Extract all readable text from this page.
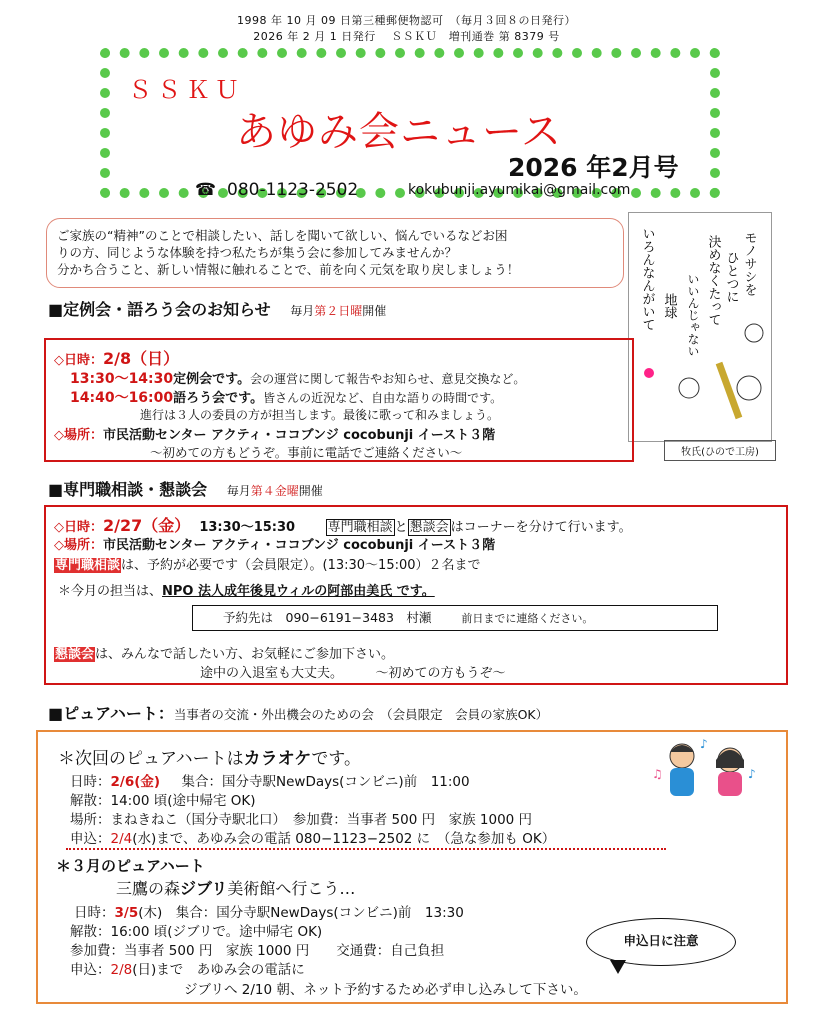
1998 年 10 月 09 日第三種郵便物認可　（毎月３回８の日発行）
2026 年 2 月 1 日発行　 ＳＳＫＵ　増刊通巻 第 8379 号
ＳＳＫＵ
あゆみ会ニュース
2026 年2月号
☎ 080-1123-2502	kokubunji.ayumikai@gmail.com
ご家族の“精神”のことで相談したい、話しを聞いて欲しい、悩んでいるなどお困
りの方、同じような体験を持つ私たちが集う会に参加してみませんか？
分かち合うこと、新しい情報に触れることで、前を向く元気を取り戻しましょう！	モノサシを
ひとつに
決めなくたって
いいんじゃない
いろんなんがいて 地球
牧氏(ひので工房)
■定例会・語ろう会のお知らせ 毎月第２日曜開催
◇日時：2/8（日）
13:30〜14:30定例会です。会の運営に関して報告やお知らせ、意見交換など。
14:40〜16:00語ろう会です。皆さんの近況など、自由な語りの時間です。
進行は３人の委員の方が担当します。最後に歌って和みましょう。
◇場所：市民活動センター アクティ・ココブンジ cocobunji イースト３階
〜初めての方もどうぞ。事前に電話でご連絡ください〜
■専門職相談・懇談会 毎月第４金曜開催
◇日時：2/27（金） 13:30〜15:30	専門職相談 と 懇談会 はコーナーを分けて行います。
◇場所：市民活動センター アクティ・ココブンジ cocobunji イースト３階
専門職相談は、予約が必要です（会員限定）。(13:30〜15:00）２名まで
＊今月の担当は、NPO 法人成年後見ウィルの阿部由美氏 です。
予約先は　090−6191−3483　村瀬	前日までに連絡ください。
懇談会は、みんなで話したい方、お気軽にご参加下さい。
途中の入退室も大丈夫。　　　〜初めての方もうぞ〜
■ピュアハート：当事者の交流・外出機会のための会　（会員限定　会員の家族OK）
＊次回のピュアハートはカラオケです。
♫
♪
♪
日時：2/6(金) 集合：国分寺駅NewDays(コンビニ)前　11:00
解散：14:00 頃(途中帰宅 OK)
場所：まねきねこ（国分寺駅北口）　参加費：当事者 500 円　家族 1000 円
申込：2/4(水)まで、あゆみ会の電話 080−1123−2502 に　（急な参加も OK）
＊３月のピュアハート
三鷹の森ジブリ美術館へ行こう…
日時：3/5(木)　集合：国分寺駅NewDays(コンビニ)前　13:30
解散：16:00 頃(ジブリで。途中帰宅 OK)
参加費：当事者 500 円　家族 1000 円　　交通費：自己負担
申込：2/8(日)まで　あゆみ会の電話に
ジブリへ 2/10 朝、ネット予約するため必ず申し込みして下さい。
申込日に注意
